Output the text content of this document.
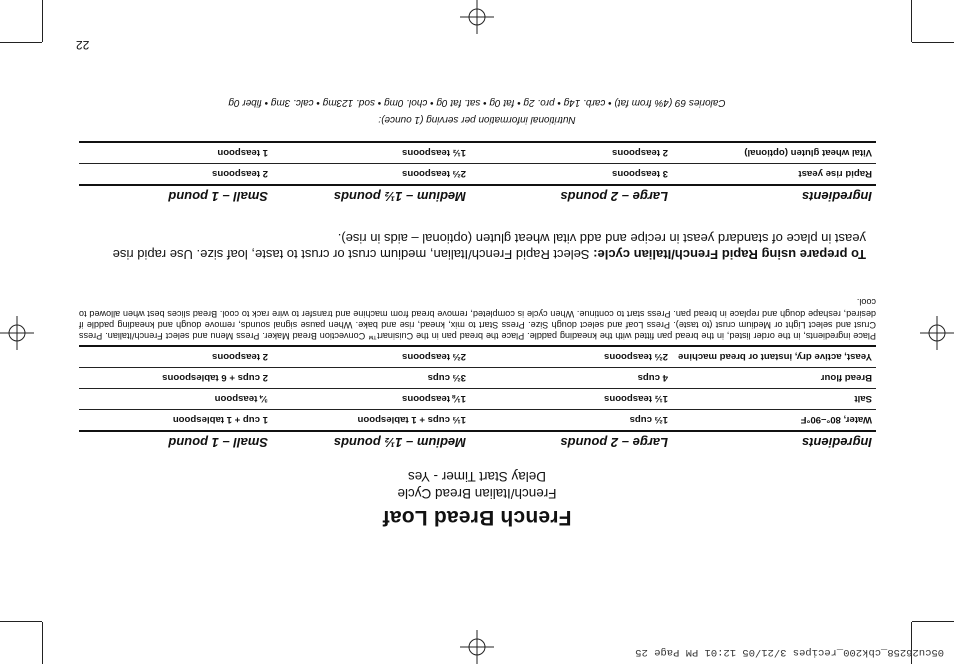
05cu26258_cbk200_recipes 3/21/05 12:01 PM Page 25
French Bread Loaf
French/Italian Bread Cycle
Delay Start Timer - Yes
Ingredients	Large – 2 pounds	Medium – 1½ pounds	Small – 1 pound
Water, 80°–90°F	1⅔ cups	1⅓ cups + 1 tablespoon	1 cup + 1 tablespoon
Salt	1½ teaspoons	1⅛ teaspoons	¾ teaspoon
Bread flour	4 cups	3⅔ cups	2 cups + 6 tablespoons
Yeast, active dry, instant or bread machine	2⅔ teaspoons	2⅔ teaspoons	2 teaspoons
Place ingredients, in the order listed, in the bread pan fitted with the kneading paddle. Place the bread pan in the Cuisinart™ Convection Bread Maker. Press Menu and select French/Italian. Press Crust and select Light or Medium crust (to taste). Press Loaf and select dough Size. Press Start to mix, knead, rise and bake. When pause signal sounds, remove dough and kneading paddle if desired, reshape dough and replace in bread pan. Press start to continue. When cycle is completed, remove bread from machine and transfer to wire rack to cool. Bread slices best when allowed to cool.
To prepare using Rapid French/Italian cycle: Select Rapid French/Italian, medium crust or crust to taste, loaf size. Use rapid rise yeast in place of standard yeast in recipe and add vital wheat gluten (optional – aids in rise).
Ingredients	Large – 2 pounds	Medium – 1½ pounds	Small – 1 pound
Rapid rise yeast	3 teaspoons	2⅔ teaspoons	2 teaspoons
Vital wheat gluten (optional)	2 teaspoons	1½ teaspoons	1 teaspoon
Nutritional information per serving (1 ounce):
Calories 69 (4% from fat) • carb. 14g • pro. 2g • fat 0g • sat. fat 0g • chol. 0mg • sod. 123mg • calc. 3mg • fiber 0g
22
